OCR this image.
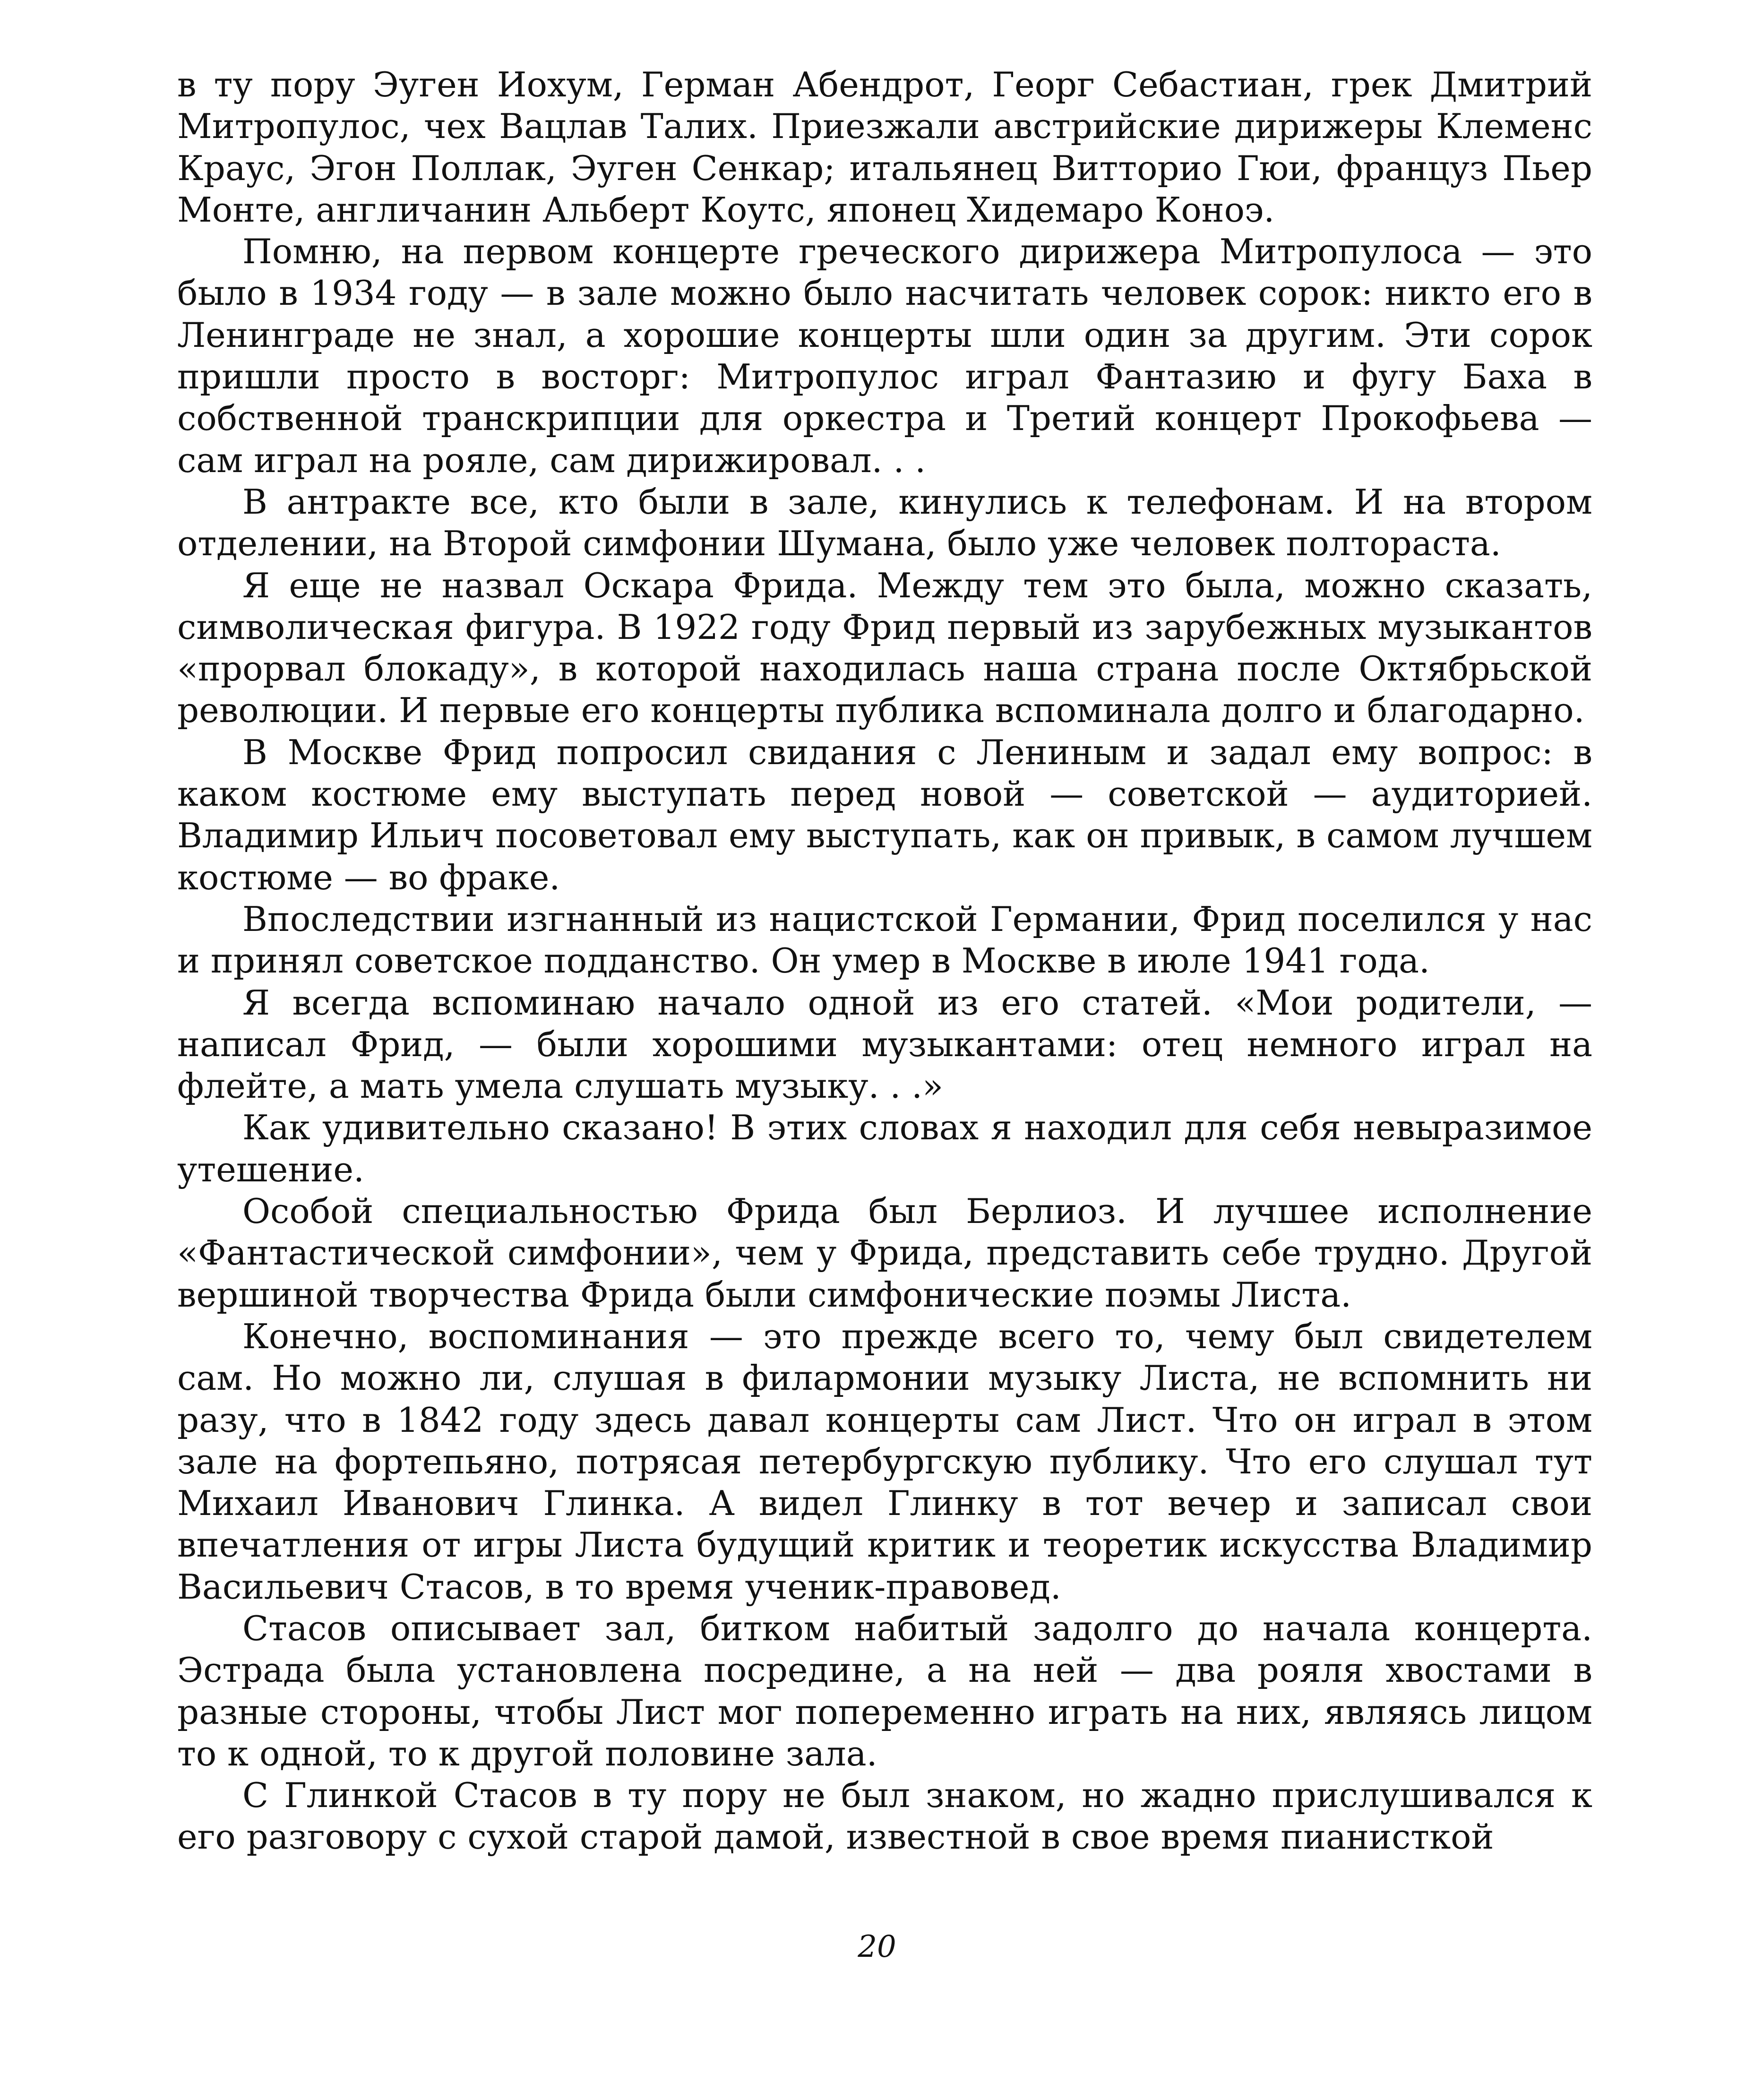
в ту пору Эуген Иохум, Герман Абендрот, Георг Себастиан, грек Дмитрий Митропулос, чех Вацлав Талих. Приезжали австрийские дирижеры Клеменс Краус, Эгон Поллак, Эуген Сенкар; итальянец Витторио Гюи, француз Пьер Монте, англичанин Альберт Коутс, японец Хидемаро Коноэ.

Помню, на первом концерте греческого дирижера Митропулоса — это было в 1934 году — в зале можно было насчитать человек сорок: никто его в Ленинграде не знал, а хорошие концерты шли один за другим. Эти сорок пришли просто в восторг: Митропулос играл Фантазию и фугу Баха в собственной транскрипции для оркестра и Третий концерт Прокофьева — сам играл на рояле, сам дирижировал. . .

В антракте все, кто были в зале, кинулись к телефонам. И на втором отделении, на Второй симфонии Шумана, было уже человек полтораста.

Я еще не назвал Оскара Фрида. Между тем это была, можно сказать, символическая фигура. В 1922 году Фрид первый из зарубежных музыкантов «прорвал блокаду», в которой находилась наша страна после Октябрьской революции. И первые его концерты публика вспоминала долго и благодарно.

В Москве Фрид попросил свидания с Лениным и задал ему вопрос: в каком костюме ему выступать перед новой — советской — аудиторией. Владимир Ильич посоветовал ему выступать, как он привык, в самом лучшем костюме — во фраке.

Впоследствии изгнанный из нацистской Германии, Фрид поселился у нас и принял советское подданство. Он умер в Москве в июле 1941 года.

Я всегда вспоминаю начало одной из его статей. «Мои родители, — написал Фрид, — были хорошими музыкантами: отец немного играл на флейте, а мать умела слушать музыку. . .»

Как удивительно сказано! В этих словах я находил для себя невыразимое утешение.

Особой специальностью Фрида был Берлиоз. И лучшее исполнение «Фантастической симфонии», чем у Фрида, представить себе трудно. Другой вершиной творчества Фрида были симфонические поэмы Листа.

Конечно, воспоминания — это прежде всего то, чему был свидетелем сам. Но можно ли, слушая в филармонии музыку Листа, не вспомнить ни разу, что в 1842 году здесь давал концерты сам Лист. Что он играл в этом зале на фортепьяно, потрясая петербургскую публику. Что его слушал тут Михаил Иванович Глинка. А видел Глинку в тот вечер и записал свои впечатления от игры Листа будущий критик и теоретик искусства Владимир Васильевич Стасов, в то время ученик-правовед.

Стасов описывает зал, битком набитый задолго до начала концерта. Эстрада была установлена посредине, а на ней — два рояля хвостами в разные стороны, чтобы Лист мог попеременно играть на них, являясь лицом то к одной, то к другой половине зала.

С Глинкой Стасов в ту пору не был знаком, но жадно прислушивался к его разговору с сухой старой дамой, известной в свое время пианисткой

20
